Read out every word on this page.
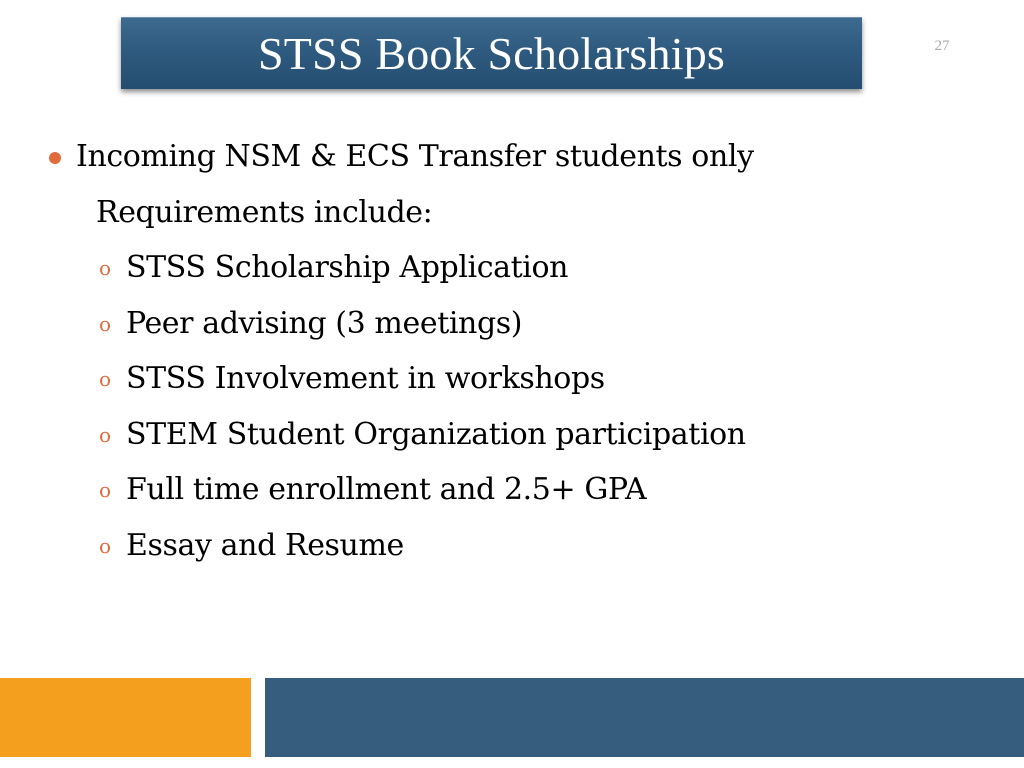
STSS Book Scholarships	27
Incoming NSM & ECS Transfer students only
Requirements include:
o STSS Scholarship Application
o Peer advising (3 meetings)
o STSS Involvement in workshops
o STEM Student Organization participation
o Full time enrollment and 2.5+ GPA
o Essay and Resume
